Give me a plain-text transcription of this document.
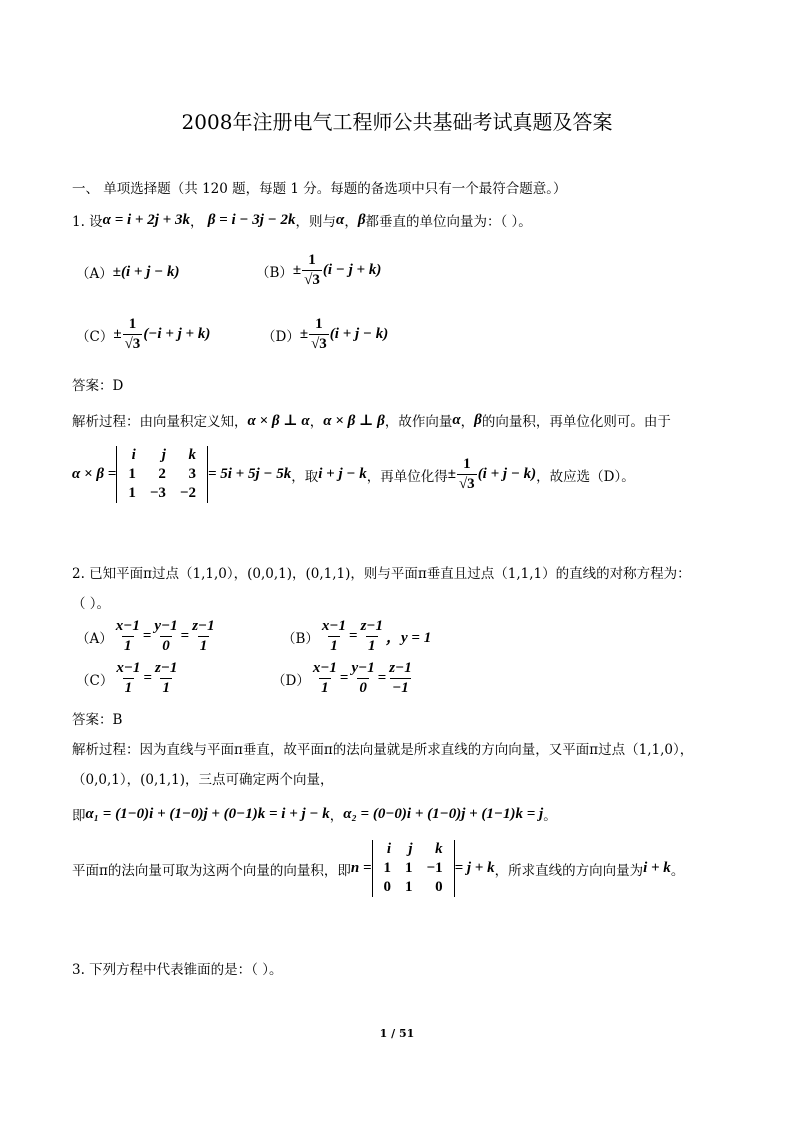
2008年注册电气工程师公共基础考试真题及答案
一、 单项选择题（共 120 题，每题 1 分。每题的备选项中只有一个最符合题意。）
1. 设 α = i + 2j + 3k ， β = i − 3j − 2k ，则与 α ， β 都垂直的单位向量为：（ ）。
（A） ±(i + j − k)	$(B) \pm \frac{1}{√3} (i - j + k)$
$(C) \pm \frac{1}{√3} (-i + j + k)$	$(D) \pm \frac{1}{√3} (i + j - k)$
答案：D
解析过程：由向量积定义知， α × β ⊥ α ， α × β ⊥ β ，故作向量 α ， β 的向量积，再单位化则可。由于
α × β =
i	j	k
1	2	3
1	−3	−2
= 5i + 5j − 5k ，取 i + j − k ，再单位化得 ± $\frac{1}{√3} (i + j - k)$ ，故应选（D）。
2. 已知平面π过点（1,1,0），(0,0,1)，(0,1,1)，则与平面π垂直且过点（1,1,1）的直线的对称方程为：
（ ）。
$(A) \frac{x-1}{1} = \frac{y-1}{0} = \frac{z-1}{1}$	$(B) \frac{x-1}{1} = \frac{z-1}{1}$ ，y = 1
$(C) \frac{x-1}{1} = \frac{z-1}{1}$	$(D) \frac{x-1}{1} = \frac{y-1}{0} = \frac{z-1}{-1}$
答案：B
解析过程：因为直线与平面π垂直，故平面π的法向量就是所求直线的方向向量，又平面π过点（1,1,0），
（0,0,1），(0,1,1)，三点可确定两个向量，
即 α₁ = (1−0)i + (1−0)j + (0−1)k = i + j − k ， α₂ = (0−0)i + (1−0)j + (1−1)k = j 。
平面π的法向量可取为这两个向量的向量积，即 n =
i	j	k
1	1	−1
0	1	0
= j + k ，所求直线的方向向量为 i + k 。
3. 下列方程中代表锥面的是：（ ）。
1 / 51
